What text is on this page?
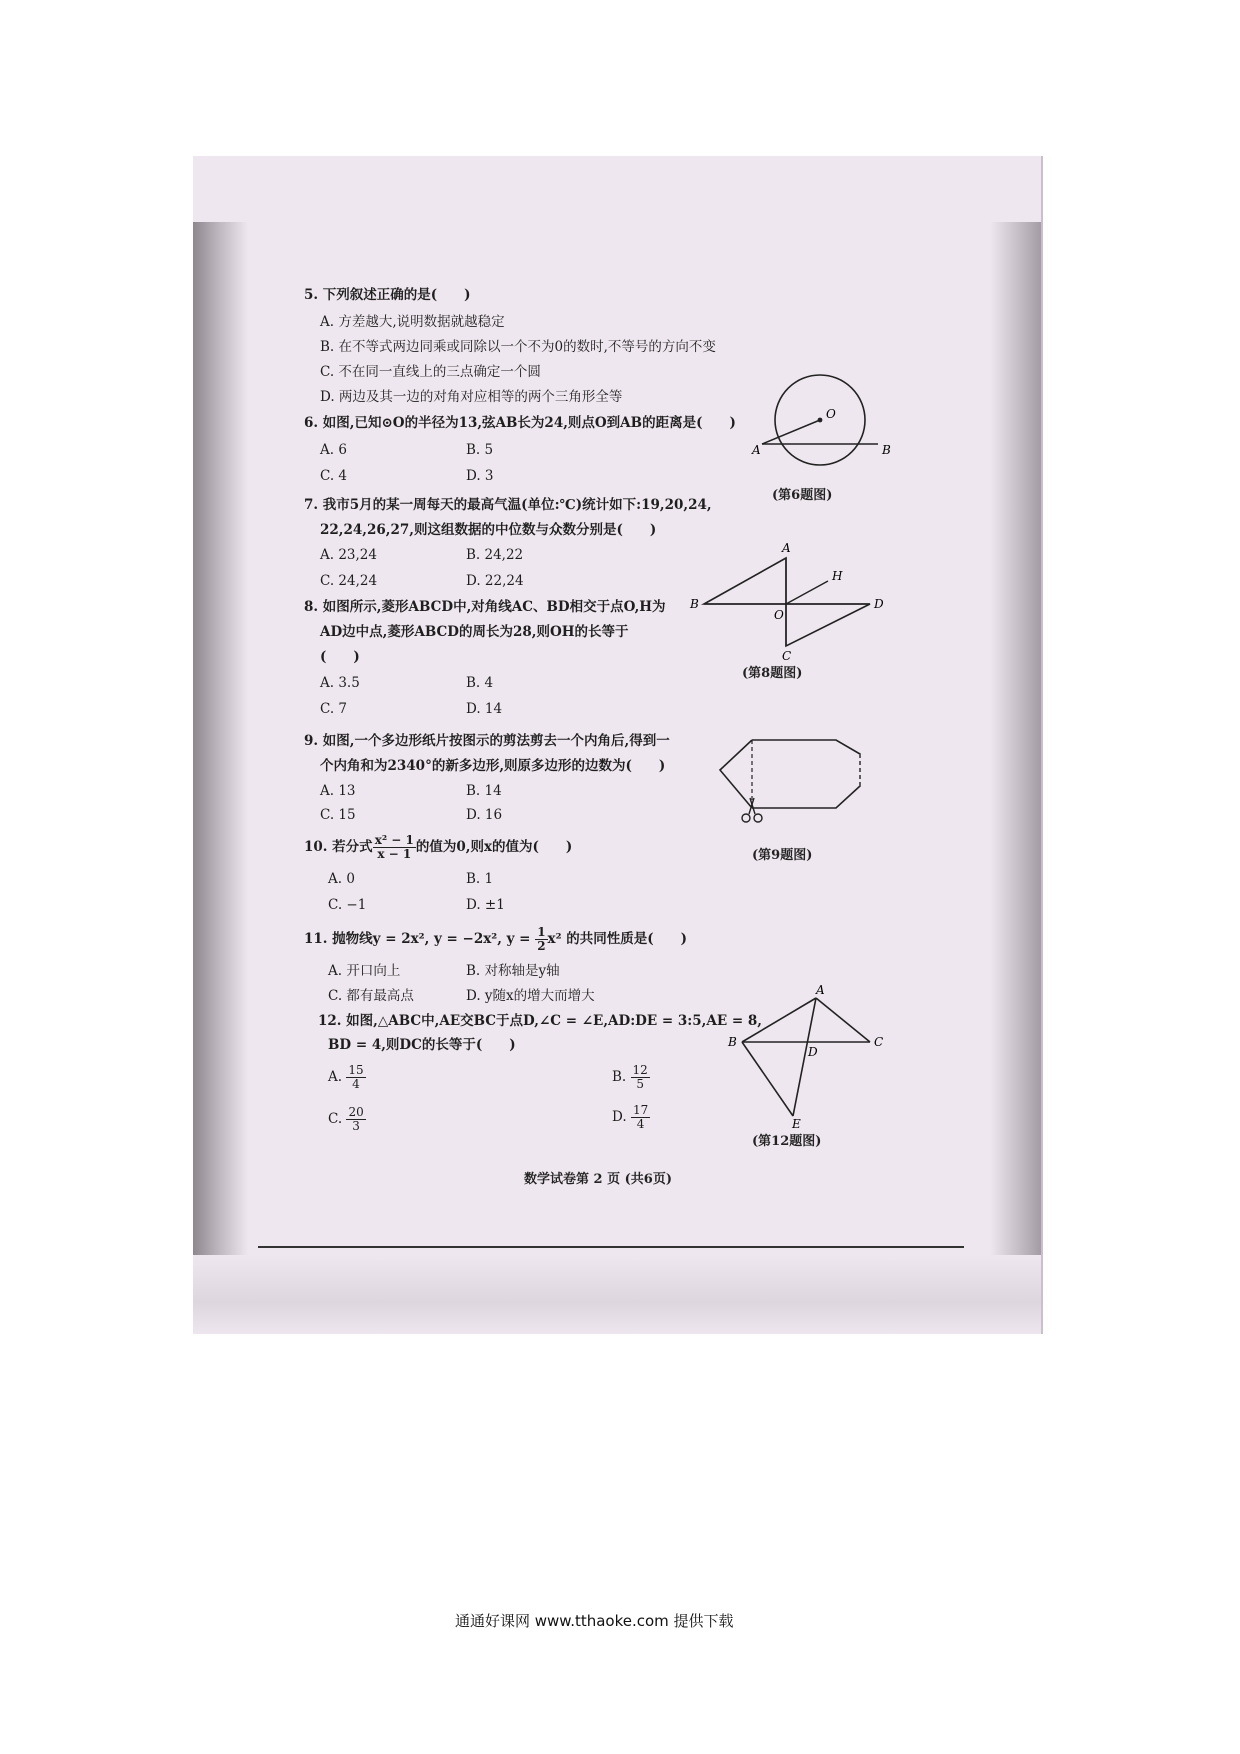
5. 下列叙述正确的是(　　)
A. 方差越大,说明数据就越稳定
B. 在不等式两边同乘或同除以一个不为0的数时,不等号的方向不变
C. 不在同一直线上的三点确定一个圆
D. 两边及其一边的对角对应相等的两个三角形全等
6. 如图,已知⊙O的半径为13,弦AB长为24,则点O到AB的距离是(　　)
A. 6	B. 5
C. 4	D. 3
O
A	B
(第6题图)
7. 我市5月的某一周每天的最高气温(单位:℃)统计如下:19,20,24,
22,24,26,27,则这组数据的中位数与众数分别是(　　)
A. 23,24	B. 24,22
C. 24,24	D. 22,24
A
B	D
C
H
O
8. 如图所示,菱形ABCD中,对角线AC、BD相交于点O,H为
AD边中点,菱形ABCD的周长为28,则OH的长等于
(　　)
(第8题图)
A. 3.5	B. 4
C. 7	D. 14
9. 如图,一个多边形纸片按图示的剪法剪去一个内角后,得到一
个内角和为2340°的新多边形,则原多边形的边数为(　　)
A. 13	B. 14
C. 15	D. 16
(第9题图)
10. 若分式 $\frac{\text{x² − 1}}{x - 1}$ 的值为0,则x的值为(　　)
A. 0	B. 1
C. −1	D. ±1
11. 抛物线y = 2x², y = −2x², $y = \frac{1}{2} x^2$ 的共同性质是(　　)
A. 开口向上	B. 对称轴是y轴
C. 都有最高点	D. y随x的增大而增大
12. 如图,△ABC中,AE交BC于点D,∠C = ∠E,AD:DE = 3:5,AE = 8,
BD = 4,则DC的长等于(　　)
A. $\frac{15}{4}$	B. $\frac{12}{5}$
C. $\frac{20}{3}$	D. $\frac{17}{4}$
A
B	C
D
E
(第12题图)
数学试卷第 2 页 (共6页)
通通好课网 www.tthaoke.com 提供下载
